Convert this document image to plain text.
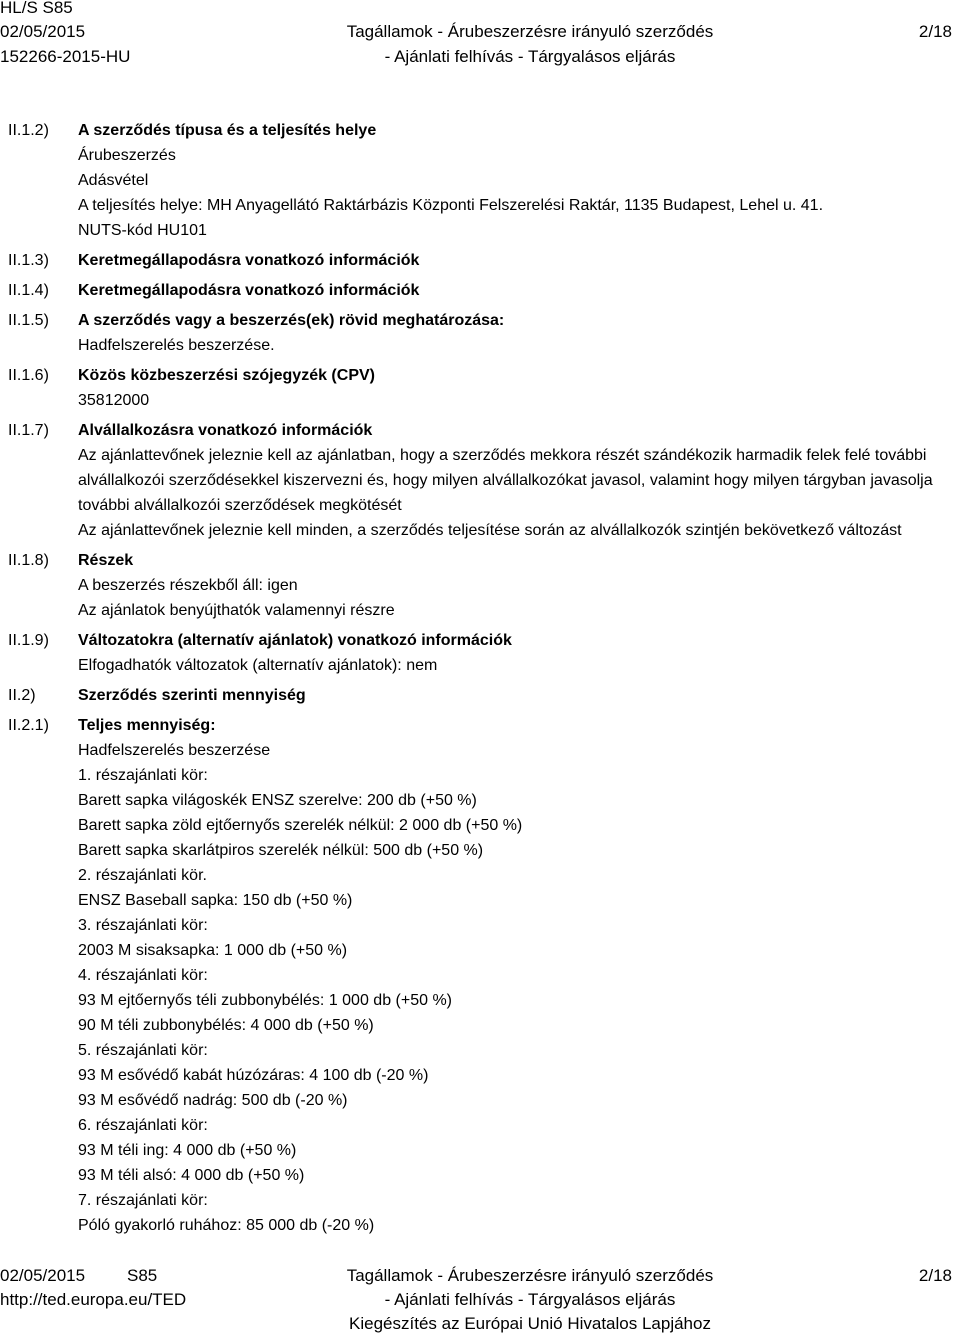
HL/S S85
02/05/2015
152266-2015-HU
Tagállamok - Árubeszerzésre irányuló szerződés
- Ajánlati felhívás - Tárgyalásos eljárás
2/18
II.1.2) A szerződés típusa és a teljesítés helye
Árubeszerzés
Adásvétel
A teljesítés helye: MH Anyagellátó Raktárbázis Központi Felszerelési Raktár, 1135 Budapest, Lehel u. 41.
NUTS-kód HU101
II.1.3) Keretmegállapodásra vonatkozó információk
II.1.4) Keretmegállapodásra vonatkozó információk
II.1.5) A szerződés vagy a beszerzés(ek) rövid meghatározása:
Hadfelszerelés beszerzése.
II.1.6) Közös közbeszerzési szójegyzék (CPV)
35812000
II.1.7) Alvállalkozásra vonatkozó információk
Az ajánlattevőnek jeleznie kell az ajánlatban, hogy a szerződés mekkora részét szándékozik harmadik felek felé további alvállalkozói szerződésekkel kiszervezni és, hogy milyen alvállalkozókat javasol, valamint hogy milyen tárgyban javasolja további alvállalkozói szerződések megkötését
Az ajánlattevőnek jeleznie kell minden, a szerződés teljesítése során az alvállalkozók szintjén bekövetkező változást
II.1.8) Részek
A beszerzés részekből áll: igen
Az ajánlatok benyújthatók valamennyi részre
II.1.9) Változatokra (alternatív ajánlatok) vonatkozó információk
Elfogadhatók változatok (alternatív ajánlatok): nem
II.2)	Szerződés szerinti mennyiség
II.2.1) Teljes mennyiség:
Hadfelszerelés beszerzése
1. részajánlati kör:
Barett sapka világoskék ENSZ szerelve: 200 db (+50 %)
Barett sapka zöld ejtőernyős szerelék nélkül: 2 000 db (+50 %)
Barett sapka skarlátpiros szerelék nélkül: 500 db (+50 %)
2. részajánlati kör.
ENSZ Baseball sapka: 150 db (+50 %)
3. részajánlati kör:
2003 M sisaksapka: 1 000 db (+50 %)
4. részajánlati kör:
93 M ejtőernyős téli zubbonybélés: 1 000 db (+50 %)
90 M téli zubbonybélés: 4 000 db (+50 %)
5. részajánlati kör:
93 M esővédő kabát húzózáras: 4 100 db (-20 %)
93 M esővédő nadrág: 500 db (-20 %)
6. részajánlati kör:
93 M téli ing: 4 000 db (+50 %)
93 M téli alsó: 4 000 db (+50 %)
7. részajánlati kör:
Póló gyakorló ruhához: 85 000 db (-20 %)
02/05/2015 S85
http://ted.europa.eu/TED
Tagállamok - Árubeszerzésre irányuló szerződés
- Ajánlati felhívás - Tárgyalásos eljárás
Kiegészítés az Európai Unió Hivatalos Lapjához
2/18
